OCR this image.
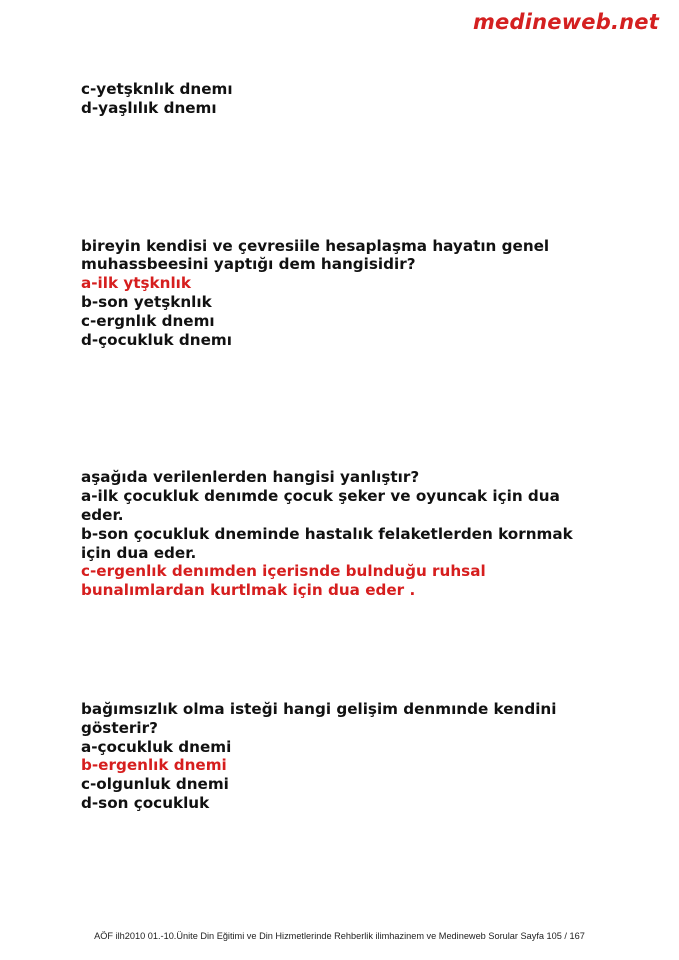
medineweb.net
c-yetşknlık dnemı
d-yaşlılık dnemı
bireyin kendisi ve çevresiile hesaplaşma hayatın genel
muhassbeesini yaptığı dem hangisidir?
a-ilk ytşknlık
b-son yetşknlık
c-ergnlık dnemı
d-çocukluk dnemı
aşağıda verilenlerden hangisi yanlıştır?
a-ilk çocukluk denımde çocuk şeker ve oyuncak için dua
eder.
b-son çocukluk dneminde hastalık felaketlerden kornmak
için dua eder.
c-ergenlık denımden içerisnde bulnduğu ruhsal
bunalımlardan kurtlmak için dua eder .
bağımsızlık olma isteği hangi gelişim denmınde kendini
gösterir?
a-çocukluk dnemi
b-ergenlık dnemi
c-olgunluk dnemi
d-son çocukluk
AÖF ilh2010 01.-10.Ünite Din Eğitimi ve Din Hizmetlerinde Rehberlik ilimhazinem ve Medineweb Sorular Sayfa 105 / 167
